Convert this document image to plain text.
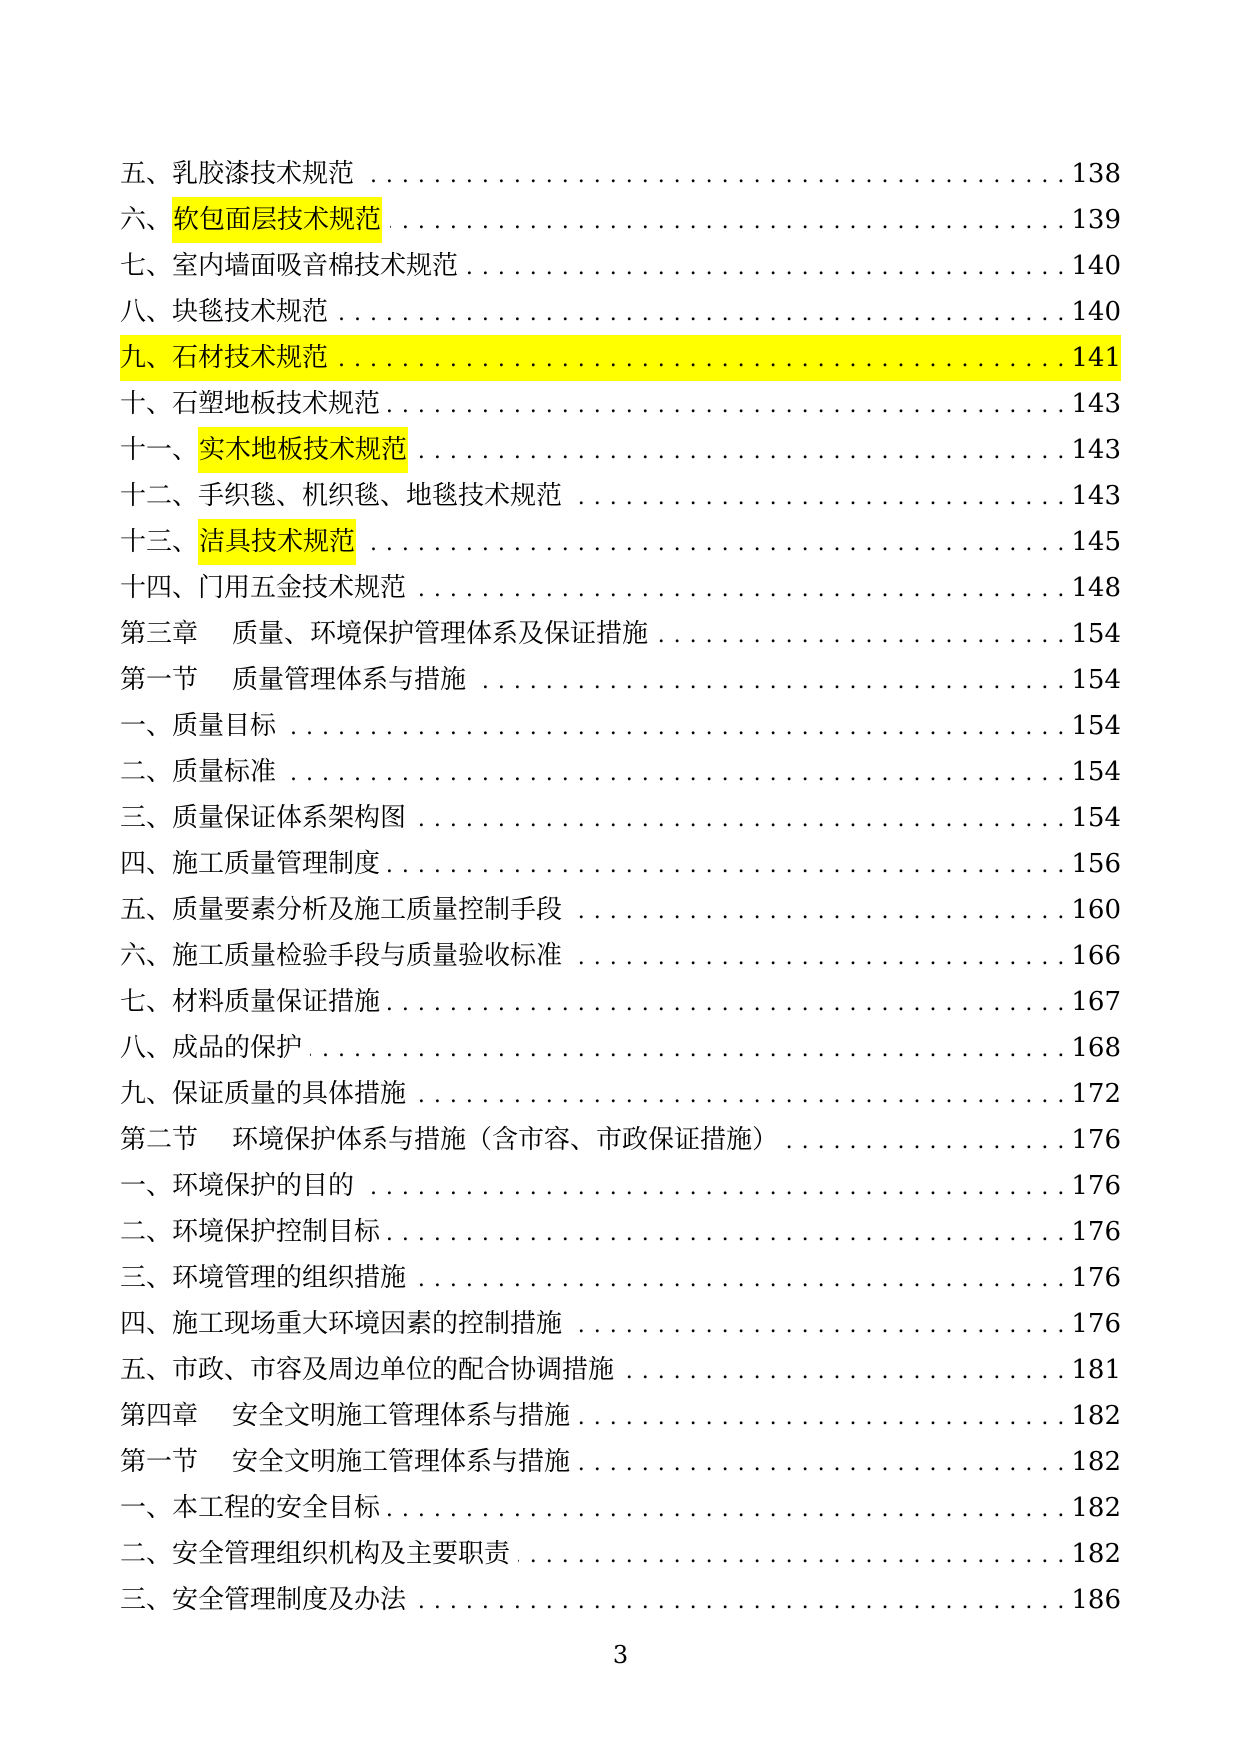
五、 乳胶漆技术规范 . . .	138
六、 软包面层技术规范 . . .	139
七、 室内墙面吸音棉技术规范 . . .	140
八、 块毯技术规范 . . .	140
九、 石材技术规范 . . .	141
十、 石塑地板技术规范 . . .	143
十一、 实木地板技术规范 . . .	143
十二、 手织毯、机织毯、地毯技术规范 . . .	143
十三、 洁具技术规范 . . .	145
十四、 门用五金技术规范 . . .	148
第三章 质量、环境保护管理体系及保证措施 . . .	154
第一节 质量管理体系与措施 . . .	154
一、 质量目标 . . .	154
二、 质量标准 . . .	154
三、 质量保证体系架构图 . . .	154
四、 施工质量管理制度 . . .	156
五、 质量要素分析及施工质量控制手段 . . .	160
六、 施工质量检验手段与质量验收标准 . . .	166
七、 材料质量保证措施 . . .	167
八、 成品的保护 . . .	168
九、 保证质量的具体措施 . . .	172
第二节 环境保护体系与措施（含市容、市政保证措施） . . .	176
一、 环境保护的目的 . . .	176
二、 环境保护控制目标 . . .	176
三、 环境管理的组织措施 . . .	176
四、 施工现场重大环境因素的控制措施 . . .	176
五、 市政、市容及周边单位的配合协调措施 . . .	181
第四章 安全文明施工管理体系与措施 . . .	182
第一节 安全文明施工管理体系与措施 . . .	182
一、 本工程的安全目标 . . .	182
二、 安全管理组织机构及主要职责 . . .	182
三、 安全管理制度及办法 . . .	186
3
